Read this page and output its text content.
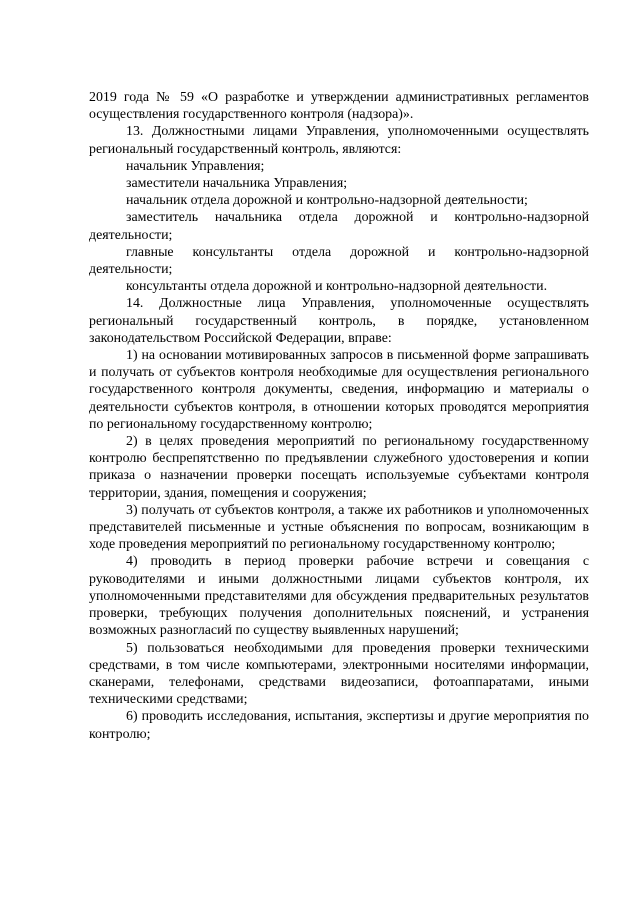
2019 года № 59 «О разработке и утверждении административных регламентов осуществления государственного контроля (надзора)».

13. Должностными лицами Управления, уполномоченными осуществлять региональный государственный контроль, являются:

начальник Управления;

заместители начальника Управления;

начальник отдела дорожной и контрольно-надзорной деятельности;

заместитель начальника отдела дорожной и контрольно-надзорной деятельности;

главные консультанты отдела дорожной и контрольно-надзорной деятельности;

консультанты отдела дорожной и контрольно-надзорной деятельности.

14. Должностные лица Управления, уполномоченные осуществлять региональный государственный контроль, в порядке, установленном законодательством Российской Федерации, вправе:

1) на основании мотивированных запросов в письменной форме запрашивать и получать от субъектов контроля необходимые для осуществления регионального государственного контроля документы, сведения, информацию и материалы о деятельности субъектов контроля, в отношении которых проводятся мероприятия по региональному государственному контролю;

2) в целях проведения мероприятий по региональному государственному контролю беспрепятственно по предъявлении служебного удостоверения и копии приказа о назначении проверки посещать используемые субъектами контроля территории, здания, помещения и сооружения;

3) получать от субъектов контроля, а также их работников и уполномоченных представителей письменные и устные объяснения по вопросам, возникающим в ходе проведения мероприятий по региональному государственному контролю;

4) проводить в период проверки рабочие встречи и совещания с руководителями и иными должностными лицами субъектов контроля, их уполномоченными представителями для обсуждения предварительных результатов проверки, требующих получения дополнительных пояснений, и устранения возможных разногласий по существу выявленных нарушений;

5) пользоваться необходимыми для проведения проверки техническими средствами, в том числе компьютерами, электронными носителями информации, сканерами, телефонами, средствами видеозаписи, фотоаппаратами, иными техническими средствами;

6) проводить исследования, испытания, экспертизы и другие мероприятия по контролю;
